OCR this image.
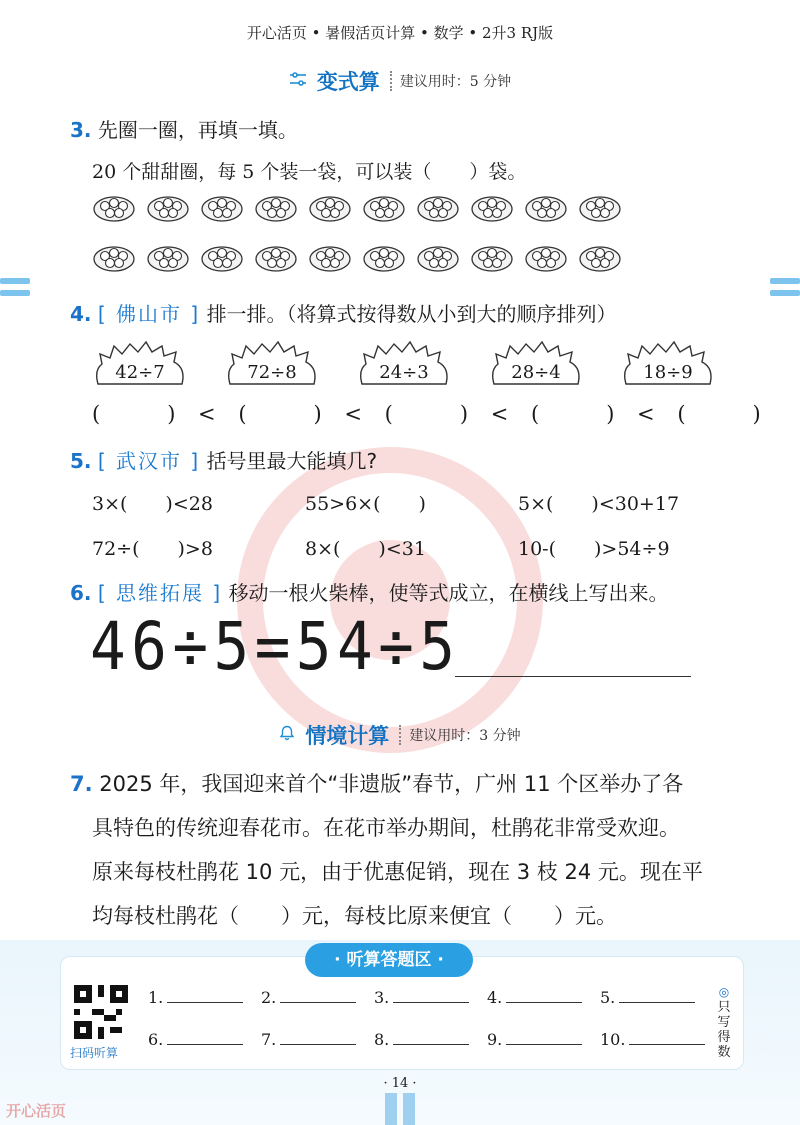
开心活页 • 暑假活页计算 • 数学 • 2升3 RJ版
变式算	建议用时：5 分钟
3. 先圈一圈，再填一填。
20 个甜甜圈，每 5 个装一袋，可以装（　　）袋。
4. [ 佛山市 ] 排一排。（将算式按得数从小到大的顺序排列）
42÷7	72÷8	24÷3	28÷4	18÷9
(　　　) < (　　　) < (　　　) < (　　　) < (　　　)
5. [ 武汉市 ] 括号里最大能填几?
3×(　　)<28	55>6×(　　)	5×(　　)<30+17
72÷(　　)>8	8×(　　)<31	10-(　　)>54÷9
6. [ 思维拓展 ] 移动一根火柴棒，使等式成立，在横线上写出来。
46÷5=54÷5
情境计算	建议用时：3 分钟
7. 2025 年，我国迎来首个“非遗版”春节，广州 11 个区举办了各
具特色的传统迎春花市。在花市举办期间，杜鹃花非常受欢迎。
原来每枝杜鹃花 10 元，由于优惠促销，现在 3 枝 24 元。现在平
均每枝杜鹃花（　　）元，每枝比原来便宜（　　）元。
· 听算答题区 ·
扫码听算
1.	2.	3.	4.	5.
6.	7.	8.	9.	10.
◎
只写得数
· 14 ·
开心活页
